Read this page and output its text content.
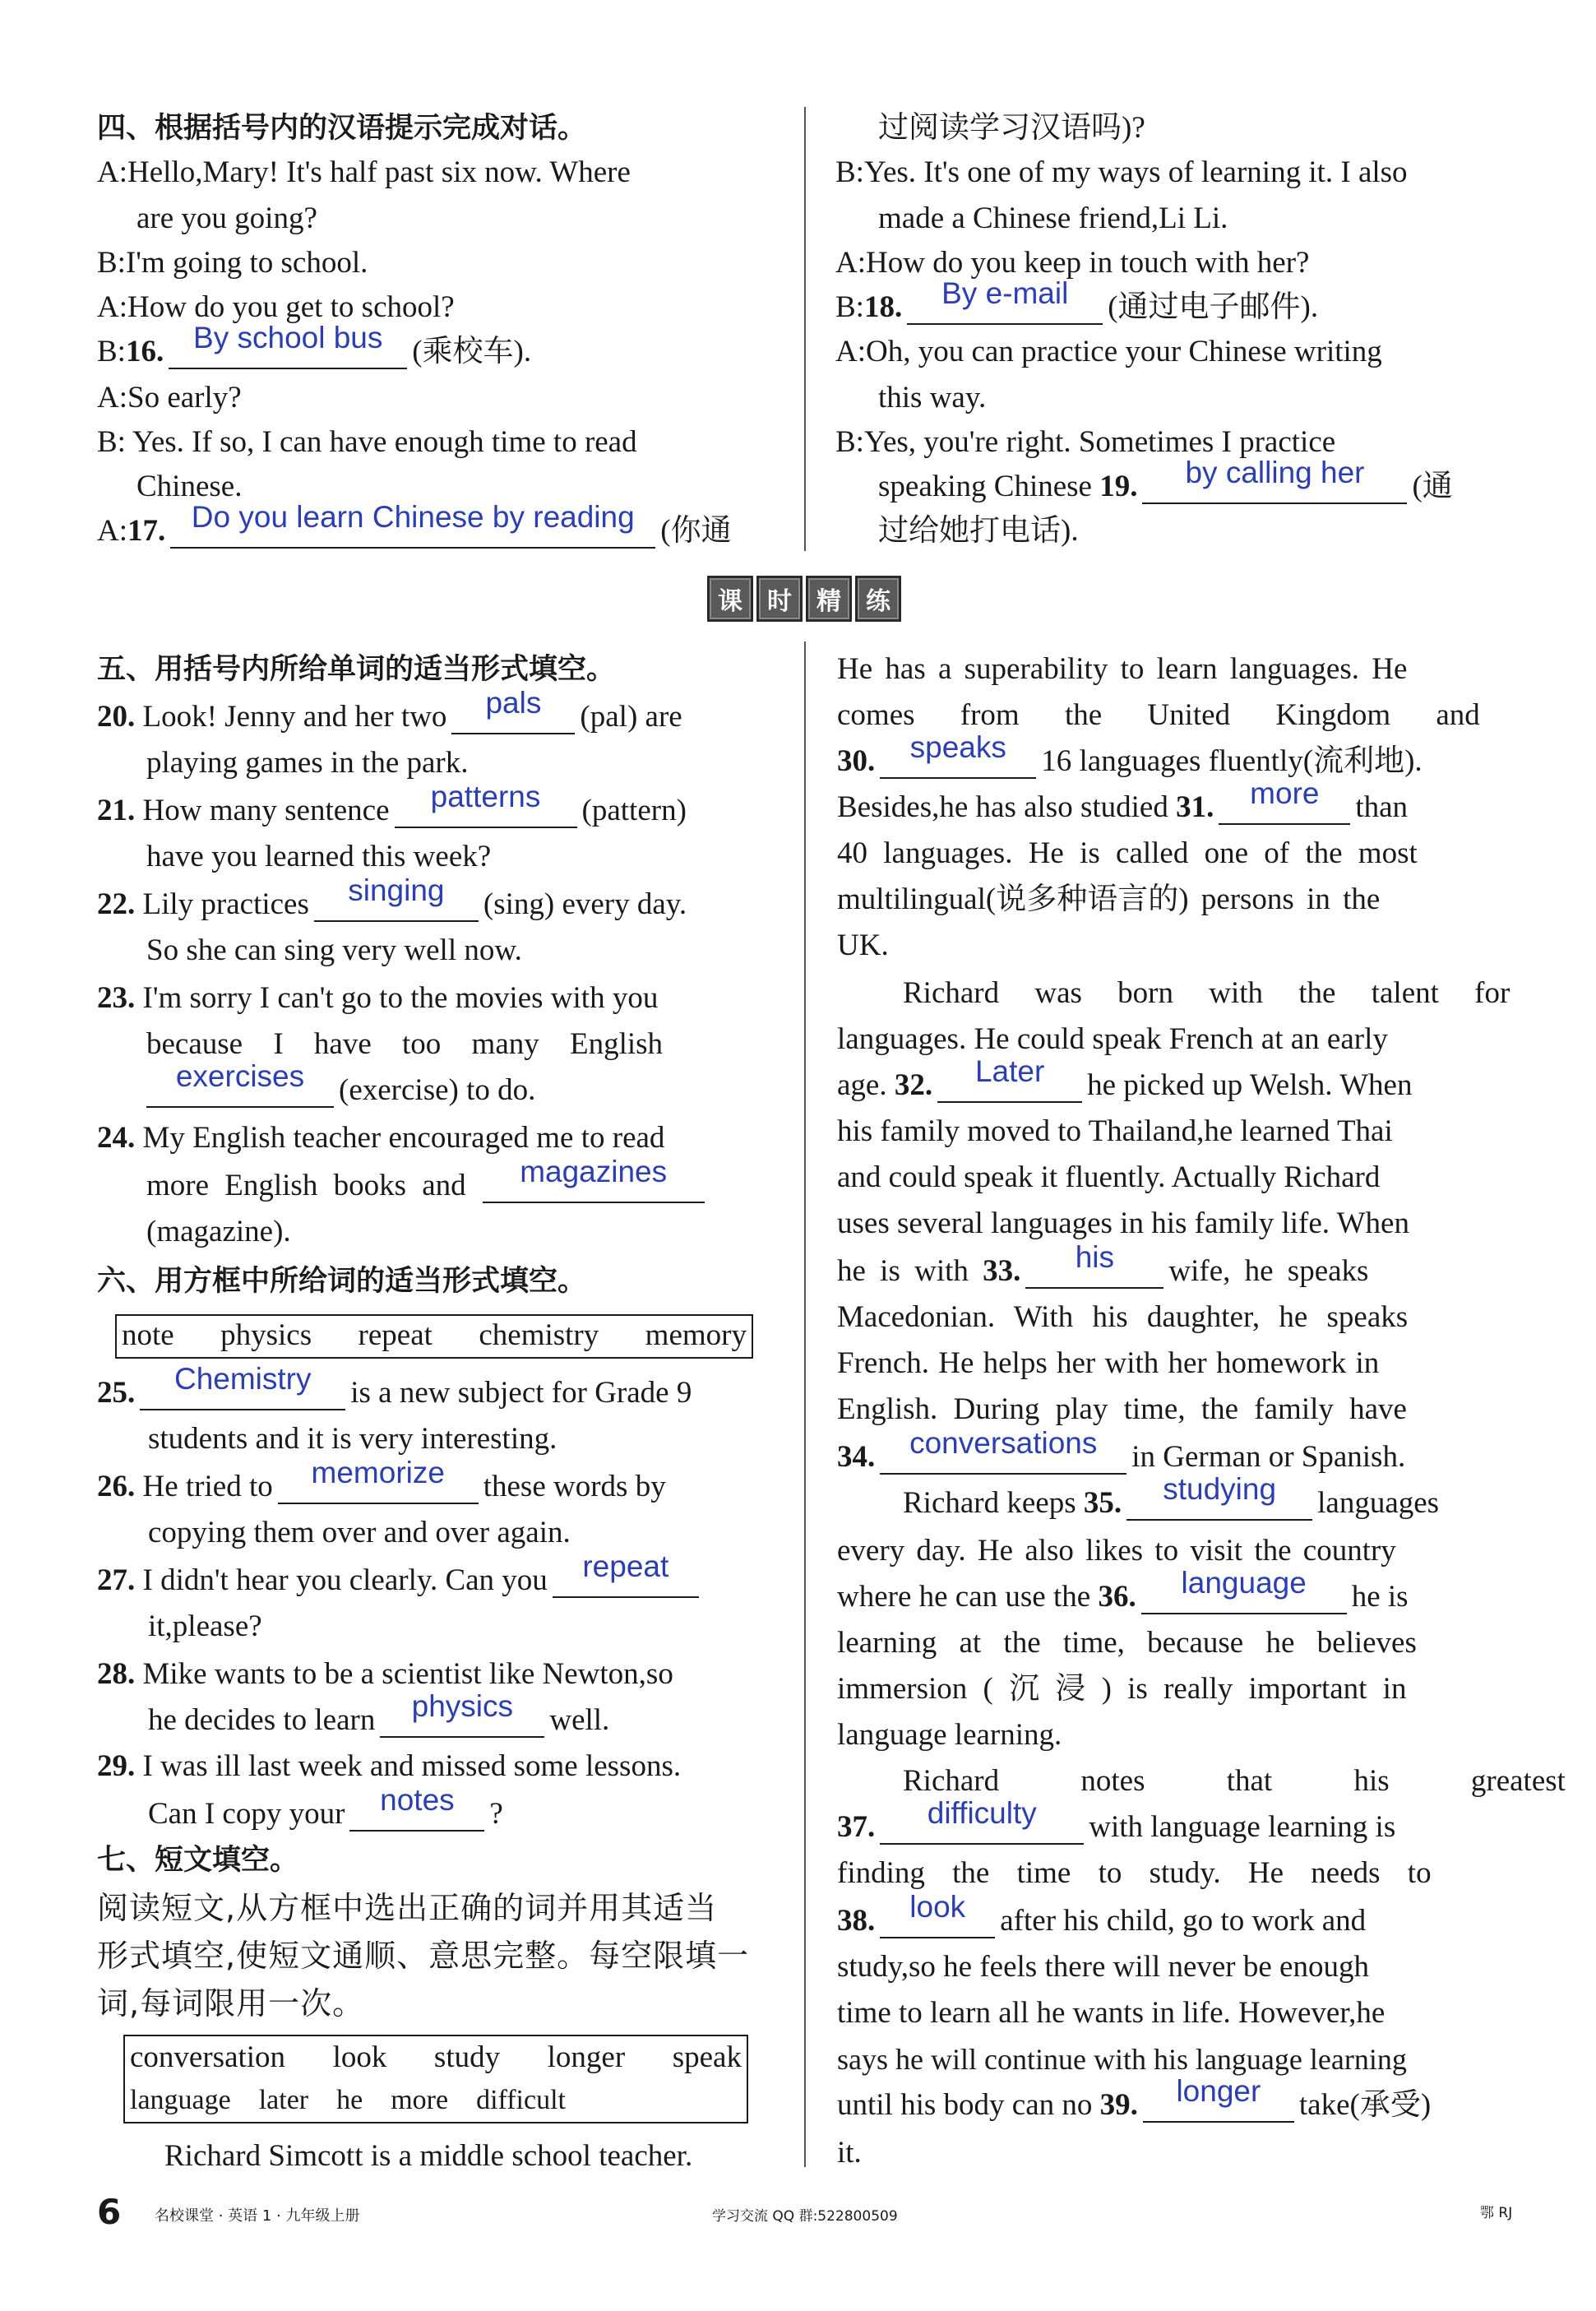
四、根据括号内的汉语提示完成对话。
A:Hello,Mary! It's half past six now. Where
are you going?
B:I'm going to school.
A:How do you get to school?
B:16. By school bus (乘校车).
A:So early?
B: Yes. If so, I can have enough time to read
Chinese.
A:17. Do you learn Chinese by reading (你通
过阅读学习汉语吗)?
B:Yes. It's one of my ways of learning it. I also
made a Chinese friend,Li Li.
A:How do you keep in touch with her?
B:18. By e-mail (通过电子邮件).
A:Oh, you can practice your Chinese writing
this way.
B:Yes, you're right. Sometimes I practice
speaking Chinese 19. by calling her (通
过给她打电话).
课	时	精	练
五、用括号内所给单词的适当形式填空。
20. Look! Jenny and her two pals (pal) are
playing games in the park.
21. How many sentence patterns (pattern)
have you learned this week?
22. Lily practices singing (sing) every day.
So she can sing very well now.
23. I'm sorry I can't go to the movies with you
because I have too many English
exercises (exercise) to do.
24. My English teacher encouraged me to read
more English books and magazines
(magazine).
六、用方框中所给词的适当形式填空。
note physics repeat chemistry memory
25. Chemistry is a new subject for Grade 9
students and it is very interesting.
26. He tried to memorize these words by
copying them over and over again.
27. I didn't hear you clearly. Can you repeat
it,please?
28. Mike wants to be a scientist like Newton,so
he decides to learn physics well.
29. I was ill last week and missed some lessons.
Can I copy your notes ?
七、短文填空。
阅读短文,从方框中选出正确的词并用其适当
形式填空,使短文通顺、意思完整。每空限填一
词,每词限用一次。
conversation look study longer speak
language later he more difficult
Richard Simcott is a middle school teacher.
He has a superability to learn languages. He
comes from the United Kingdom and
30. speaks 16 languages fluently(流利地).
Besides,he has also studied 31. more than
40 languages. He is called one of the most
multilingual(说多种语言的) persons in the
UK.
Richard was born with the talent for
languages. He could speak French at an early
age. 32. Later he picked up Welsh. When
his family moved to Thailand,he learned Thai
and could speak it fluently. Actually Richard
uses several languages in his family life. When
he is with 33. his wife, he speaks
Macedonian. With his daughter, he speaks
French. He helps her with her homework in
English. During play time, the family have
34. conversations in German or Spanish.
Richard keeps 35. studying languages
every day. He also likes to visit the country
where he can use the 36. language he is
learning at the time, because he believes
immersion ( 沉 浸 ) is really important in
language learning.
Richard notes that his greatest
37. difficulty with language learning is
finding the time to study. He needs to
38. look after his child, go to work and
study,so he feels there will never be enough
time to learn all he wants in life. However,he
says he will continue with his language learning
until his body can no 39. longer take(承受)
it.
6 名校课堂 · 英语 1 · 九年级上册	学习交流 QQ 群:522800509	鄂 RJ
